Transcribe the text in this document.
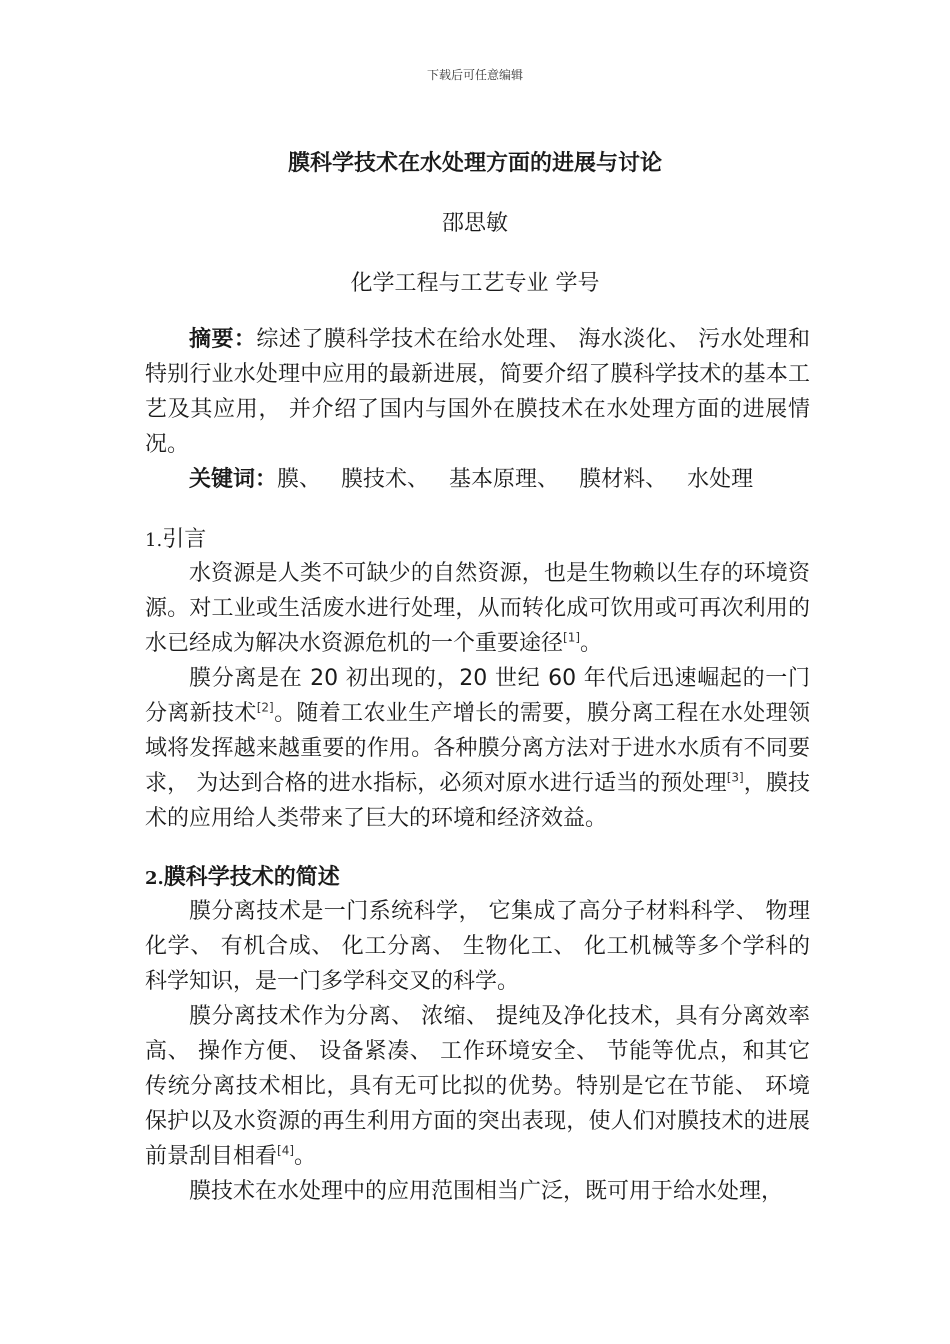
下载后可任意编辑
膜科学技术在水处理方面的进展与讨论
邵思敏
化学工程与工艺专业 学号
摘要：综述了膜科学技术在给水处理、 海水淡化、 污水处理和特别行业水处理中应用的最新进展，简要介绍了膜科学技术的基本工艺及其应用， 并介绍了国内与国外在膜技术在水处理方面的进展情况。
关键词：膜、 膜技术、 基本原理、 膜材料、 水处理
1.引言
水资源是人类不可缺少的自然资源，也是生物赖以生存的环境资源。对工业或生活废水进行处理，从而转化成可饮用或可再次利用的水已经成为解决水资源危机的一个重要途径[1]。
膜分离是在 20 初出现的，20 世纪 60 年代后迅速崛起的一门分离新技术[2]。随着工农业生产增长的需要，膜分离工程在水处理领域将发挥越来越重要的作用。各种膜分离方法对于进水水质有不同要求， 为达到合格的进水指标，必须对原水进行适当的预处理[3]，膜技术的应用给人类带来了巨大的环境和经济效益。
2.膜科学技术的简述
膜分离技术是一门系统科学， 它集成了高分子材料科学、 物理化学、 有机合成、 化工分离、 生物化工、 化工机械等多个学科的科学知识，是一门多学科交叉的科学。
膜分离技术作为分离、 浓缩、 提纯及净化技术，具有分离效率高、 操作方便、 设备紧凑、 工作环境安全、 节能等优点，和其它传统分离技术相比，具有无可比拟的优势。特别是它在节能、 环境保护以及水资源的再生利用方面的突出表现，使人们对膜技术的进展前景刮目相看[4]。
膜技术在水处理中的应用范围相当广泛，既可用于给水处理，
